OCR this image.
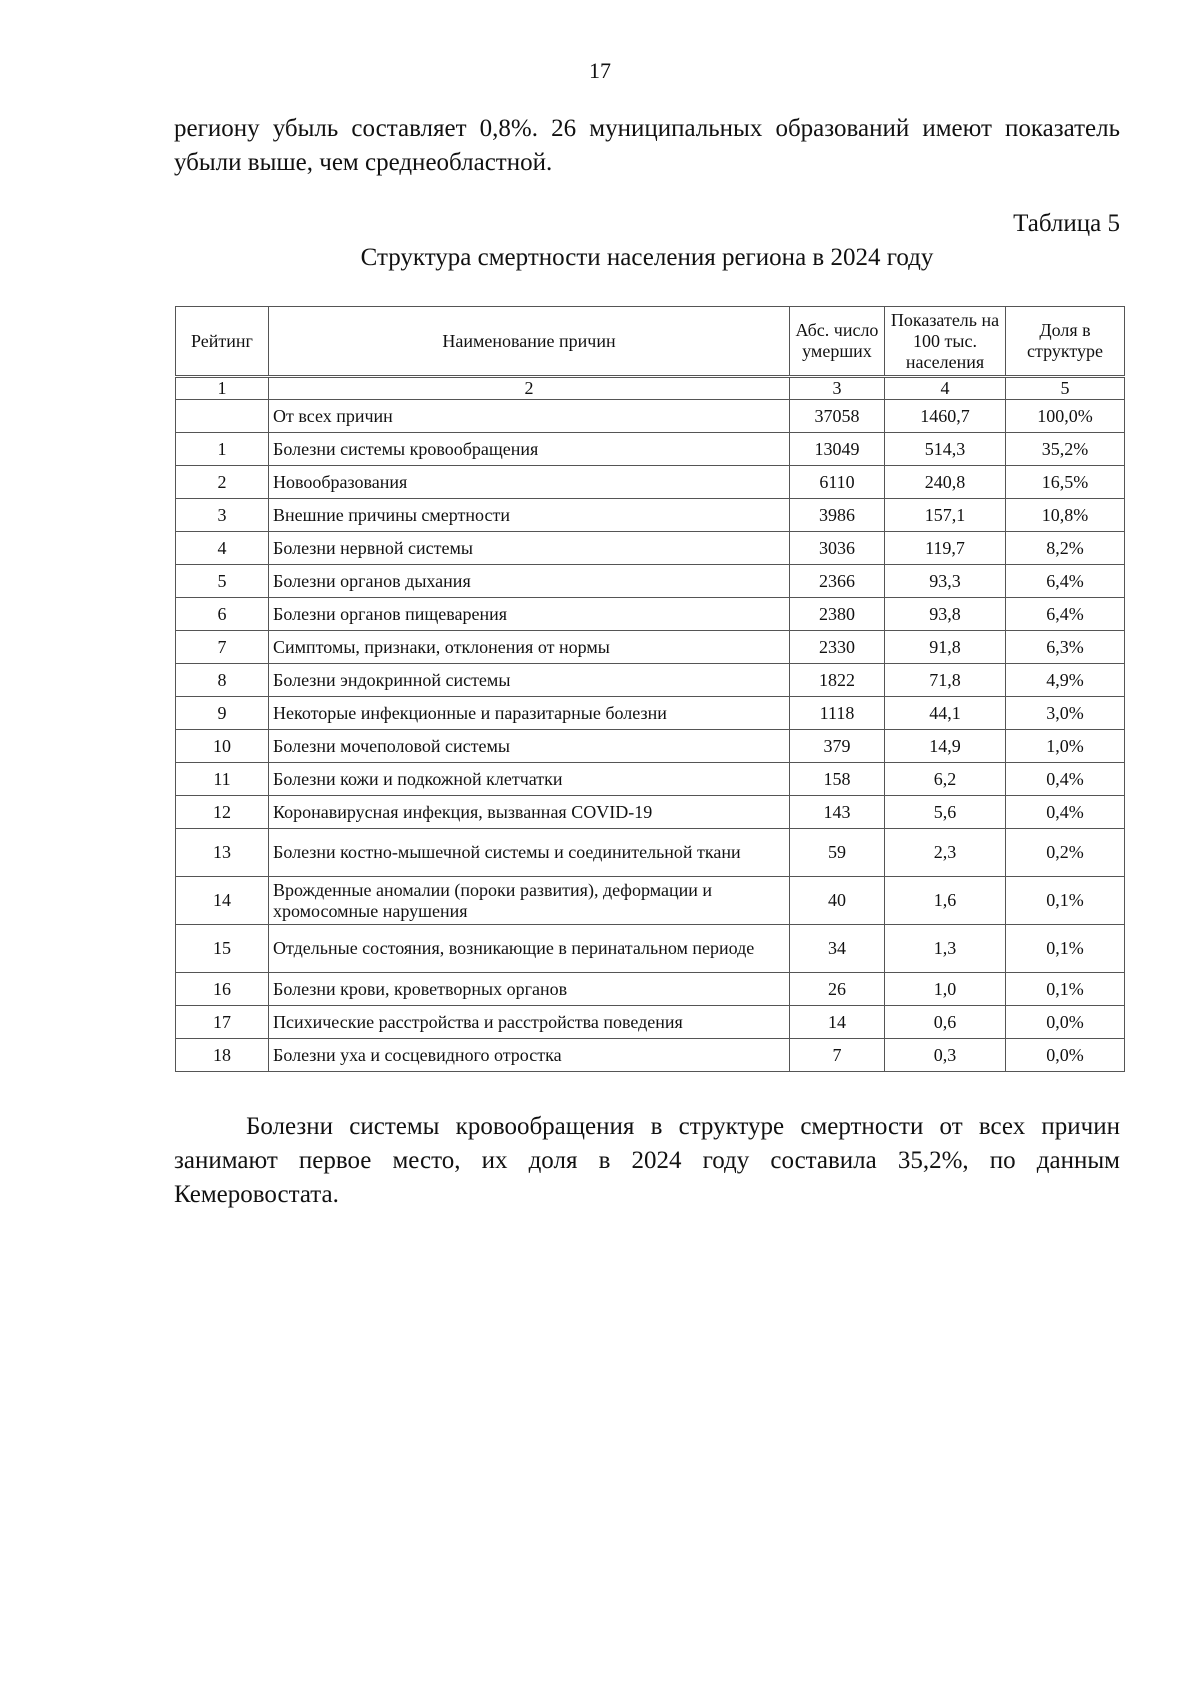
17

региону убыль составляет 0,8%. 26 муниципальных образований имеют показатель убыли выше, чем среднеобластной.

Таблица 5
Структура смертности населения региона в 2024 году
Рейтинг	Наименование причин	Абс. число умерших	Показатель на 100 тыс. населения	Доля в структуре
1	2	3	4	5
	От всех причин	37058	1460,7	100,0%
1	Болезни системы кровообращения	13049	514,3	35,2%
2	Новообразования	6110	240,8	16,5%
3	Внешние причины смертности	3986	157,1	10,8%
4	Болезни нервной системы	3036	119,7	8,2%
5	Болезни органов дыхания	2366	93,3	6,4%
6	Болезни органов пищеварения	2380	93,8	6,4%
7	Симптомы, признаки, отклонения от нормы	2330	91,8	6,3%
8	Болезни эндокринной системы	1822	71,8	4,9%
9	Некоторые инфекционные и паразитарные болезни	1118	44,1	3,0%
10	Болезни мочеполовой системы	379	14,9	1,0%
11	Болезни кожи и подкожной клетчатки	158	6,2	0,4%
12	Коронавирусная инфекция, вызванная COVID-19	143	5,6	0,4%
13	Болезни костно-мышечной системы и соединительной ткани	59	2,3	0,2%
14	Врожденные аномалии (пороки развития), деформации и хромосомные нарушения	40	1,6	0,1%
15	Отдельные состояния, возникающие в перинатальном периоде	34	1,3	0,1%
16	Болезни крови, кроветворных органов	26	1,0	0,1%
17	Психические расстройства и расстройства поведения	14	0,6	0,0%
18	Болезни уха и сосцевидного отростка	7	0,3	0,0%

Болезни системы кровообращения в структуре смертности от всех причин занимают первое место, их доля в 2024 году составила 35,2%, по данным Кемеровостата.
